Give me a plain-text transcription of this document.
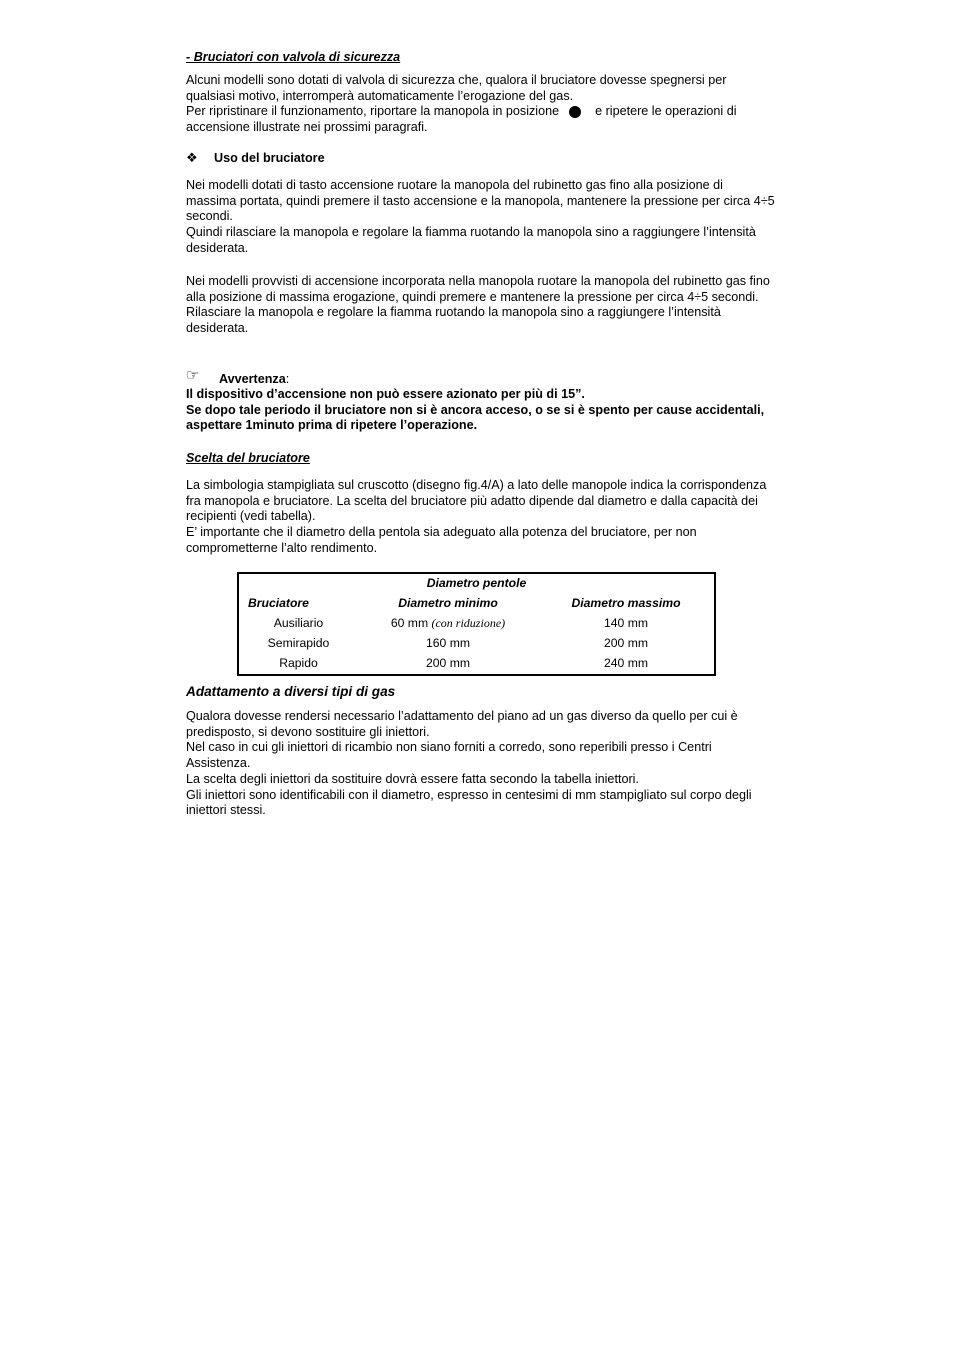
- Bruciatori con valvola di sicurezza
Alcuni modelli sono dotati di valvola di sicurezza che, qualora il bruciatore dovesse spegnersi per qualsiasi motivo, interromperà automaticamente l’erogazione del gas.
Per ripristinare il funzionamento, riportare la manopola in posizione	e ripetere le operazioni di accensione illustrate nei prossimi paragrafi.
❖ Uso del bruciatore
Nei modelli dotati di tasto accensione ruotare la manopola del rubinetto gas fino alla posizione di massima portata, quindi premere il tasto accensione e la manopola, mantenere la pressione per circa 4÷5 secondi.
Quindi rilasciare la manopola e regolare la fiamma ruotando la manopola sino a raggiungere l’intensità desiderata.
Nei modelli provvisti di accensione incorporata nella manopola ruotare la manopola del rubinetto gas fino alla posizione di massima erogazione, quindi premere e mantenere la pressione per circa 4÷5 secondi.
Rilasciare la manopola e regolare la fiamma ruotando la manopola sino a raggiungere l’intensità desiderata.
☞ Avvertenza:
Il dispositivo d’accensione non può essere azionato per più di 15”.
Se dopo tale periodo il bruciatore non si è ancora acceso, o se si è spento per cause accidentali, aspettare 1minuto prima di ripetere l’operazione.
Scelta del bruciatore
La simbologia stampigliata sul cruscotto (disegno fig.4/A) a lato delle manopole indica la corrispondenza fra manopola e bruciatore. La scelta del bruciatore più adatto dipende dal diametro e dalla capacità dei recipienti (vedi tabella).
E’ importante che il diametro della pentola sia adeguato alla potenza del bruciatore, per non comprometterne l’alto rendimento.
Diametro pentole		
Bruciatore	Diametro minimo	Diametro massimo
Ausiliario	60 mm (con riduzione)	140 mm
Semirapido	160 mm	200 mm
Rapido	200 mm	240 mm
Adattamento a diversi tipi di gas
Qualora dovesse rendersi necessario l’adattamento del piano ad un gas diverso da quello per cui è predisposto, si devono sostituire gli iniettori.
Nel caso in cui gli iniettori di ricambio non siano forniti a corredo, sono reperibili presso i Centri Assistenza.
La scelta degli iniettori da sostituire dovrà essere fatta secondo la tabella iniettori.
Gli iniettori sono identificabili con il diametro, espresso in centesimi di mm stampigliato sul corpo degli iniettori stessi.
